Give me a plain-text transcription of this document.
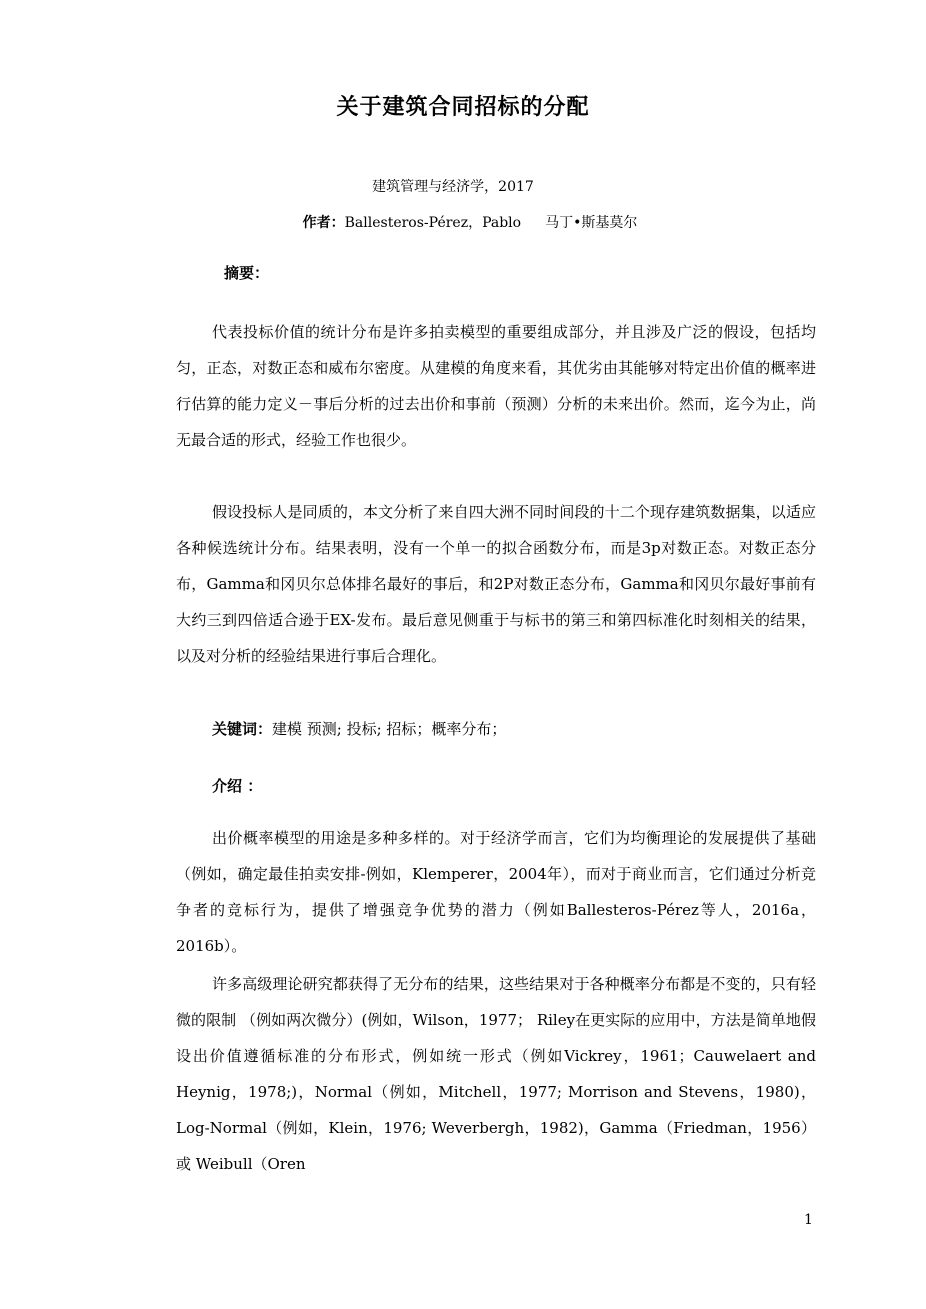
关于建筑合同招标的分配
建筑管理与经济学，2017
作者：Ballesteros-Pérez，Pablo 马丁•斯基莫尔
摘要：

代表投标价值的统计分布是许多拍卖模型的重要组成部分，并且涉及广泛的假设，包括均匀，正态，对数正态和威布尔密度。从建模的角度来看，其优劣由其能够对特定出价值的概率进行估算的能力定义－事后分析的过去出价和事前（预测）分析的未来出价。然而，迄今为止，尚无最合适的形式，经验工作也很少。

假设投标人是同质的，本文分析了来自四大洲不同时间段的十二个现存建筑数据集，以适应各种候选统计分布。结果表明，没有一个单一的拟合函数分布，而是3p对数正态。对数正态分布，Gamma和冈贝尔总体排名最好的事后，和2P对数正态分布，Gamma和冈贝尔最好事前有大约三到四倍适合逊于EX-发布。最后意见侧重于与标书的第三和第四标准化时刻相关的结果，以及对分析的经验结果进行事后合理化。

关键词：建模 预测; 投标; 招标；概率分布；
介绍 ：

出价概率模型的用途是多种多样的。对于经济学而言，它们为均衡理论的发展提供了基础（例如，确定最佳拍卖安排-例如，Klemperer，2004年），而对于商业而言，它们通过分析竞争者的竞标行为，提供了增强竞争优势的潜力（例如Ballesteros-Pérez等人，2016a，2016b）。

许多高级理论研究都获得了无分布的结果，这些结果对于各种概率分布都是不变的，只有轻微的限制 （例如两次微分）(例如，Wilson，1977； Riley在更实际的应用中，方法是简单地假设出价值遵循标准的分布形式，例如统一形式（例如Vickrey，1961；Cauwelaert and Heynig，1978;)，Normal（例如，Mitchell，1977; Morrison and Stevens，1980)，Log-Normal（例如，Klein，1976; Weverbergh，1982)，Gamma（Friedman，1956）或 Weibull（Oren

1
